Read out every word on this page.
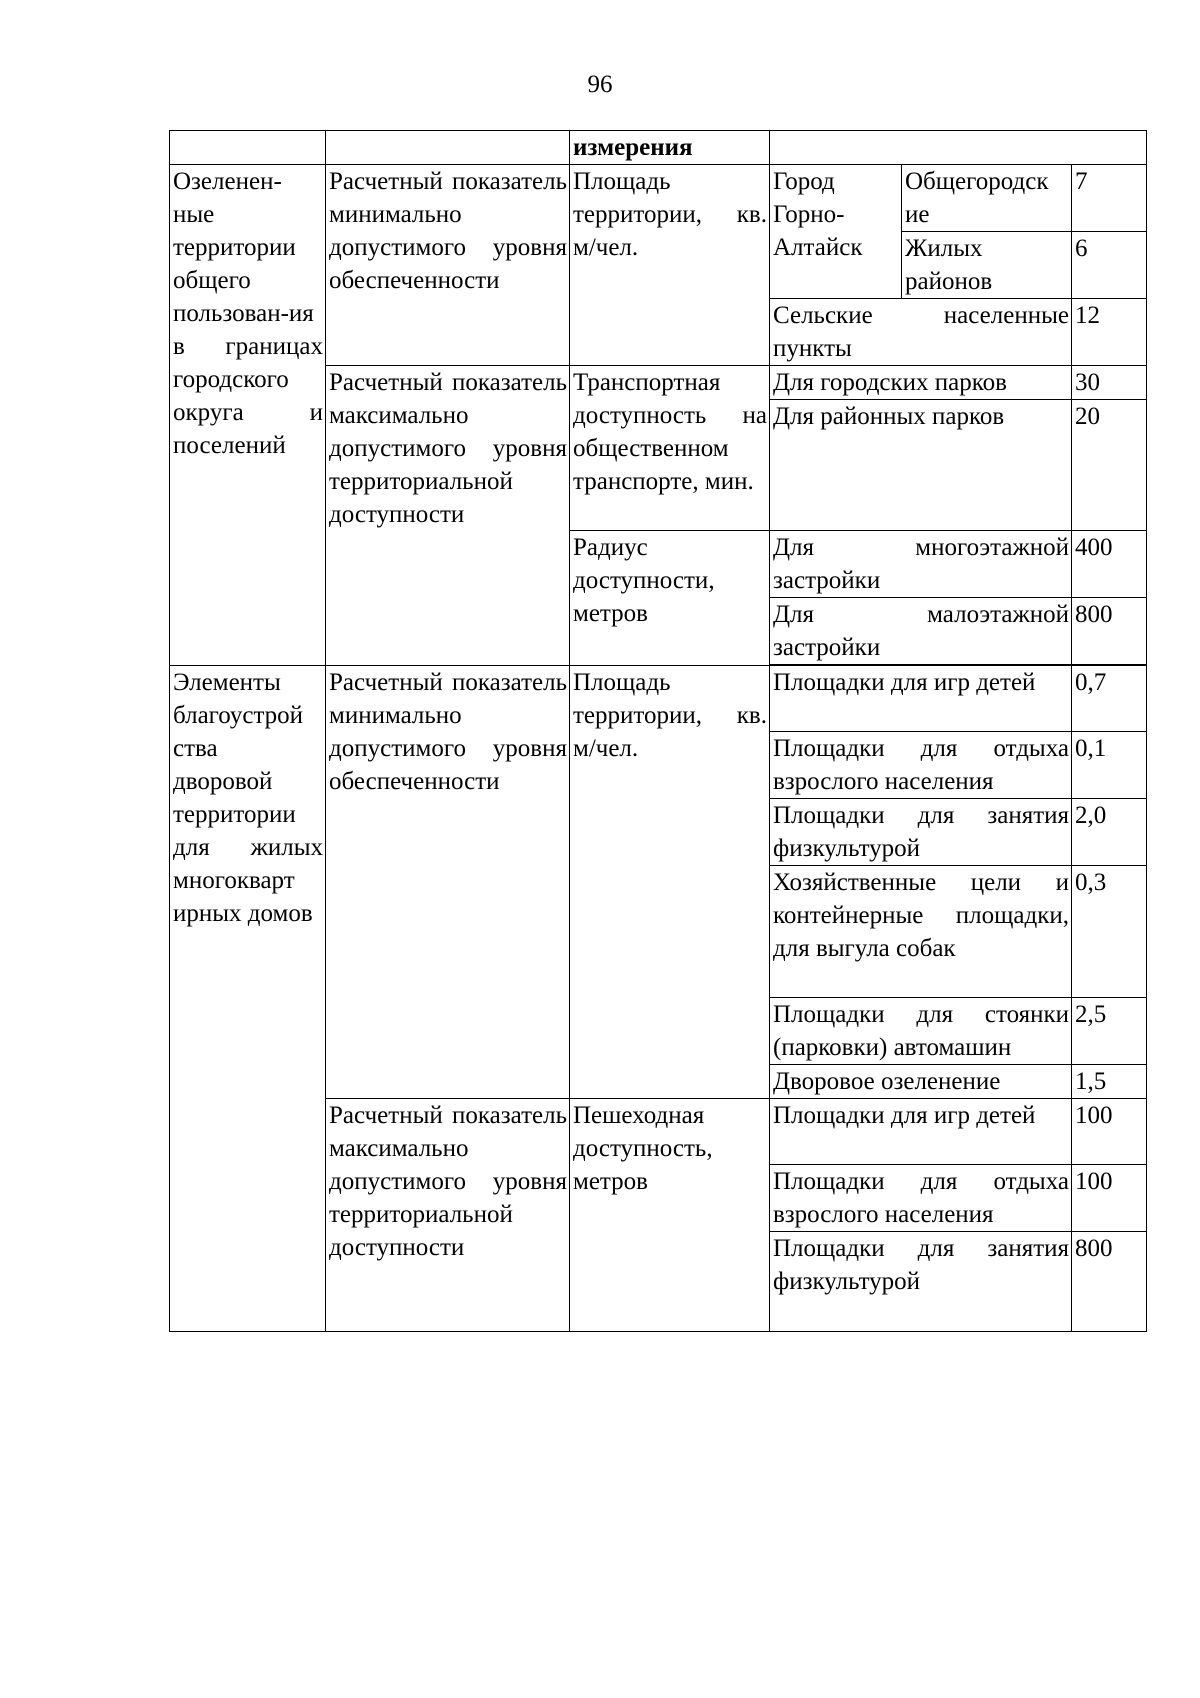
96
		измерения			
Озеленен-ные территории общего пользован-ия в границах городского округа и поселений	Расчетный показатель минимально допустимого уровня обеспеченности	Площадь территории, кв. м/чел.	Город Горно-Алтайск	Общегородск ие	7
				Жилых районов	6
			Сельские населенные пункты		12
	Расчетный показатель максимально допустимого уровня территориальной доступности	Транспортная доступность на общественном транспорте, мин.	Для городских парков		30
			Для районных парков		20
		Радиус доступности, метров	Для многоэтажной застройки		400
			Для малоэтажной застройки		800

Элементы благоустрой ства дворовой территории для жилых многокварт ирных домов	Расчетный показатель минимально допустимого уровня обеспеченности	Площадь территории, кв. м/чел.	Площадки для игр детей		0,7
			Площадки для отдыха взрослого населения		0,1
			Площадки для занятия физкультурой		2,0
			Хозяйственные цели и контейнерные площадки, для выгула собак		0,3
			Площадки для стоянки (парковки) автомашин		2,5
			Дворовое озеленение		1,5
	Расчетный показатель максимально допустимого уровня территориальной доступности	Пешеходная доступность, метров	Площадки для игр детей		100
			Площадки для отдыха взрослого населения		100
			Площадки для занятия физкультурой		800
